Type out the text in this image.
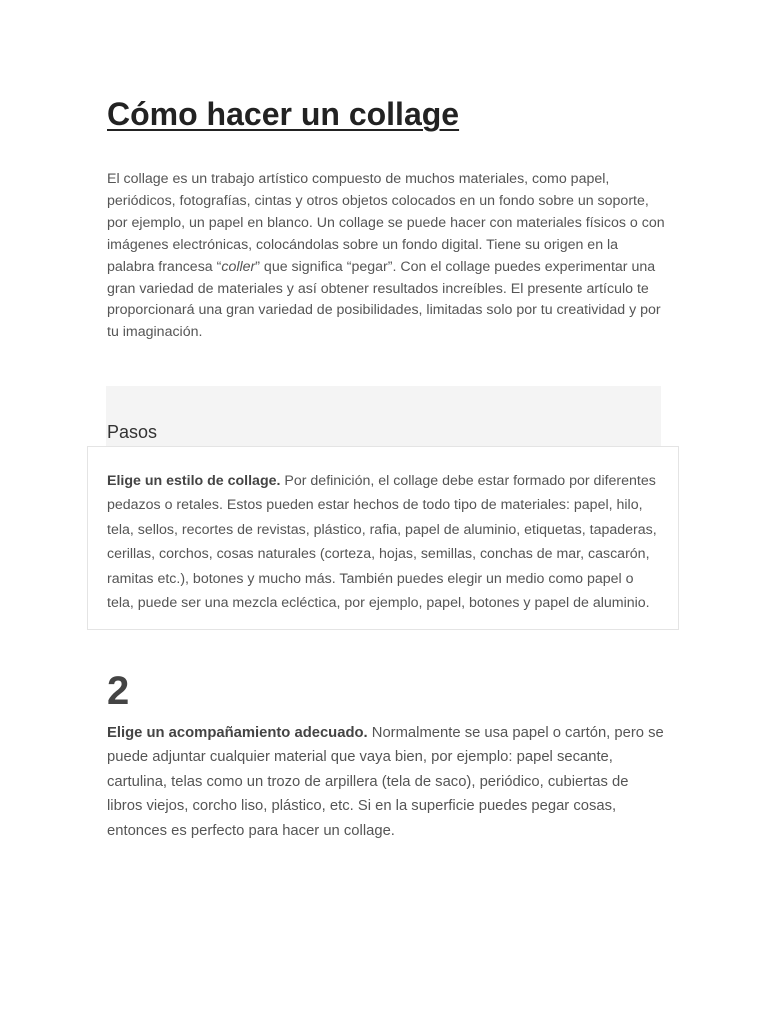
Cómo hacer un collage

El collage es un trabajo artístico compuesto de muchos materiales, como papel, periódicos, fotografías, cintas y otros objetos colocados en un fondo sobre un soporte, por ejemplo, un papel en blanco. Un collage se puede hacer con materiales físicos o con imágenes electrónicas, colocándolas sobre un fondo digital. Tiene su origen en la palabra francesa “coller” que significa “pegar”. Con el collage puedes experimentar una gran variedad de materiales y así obtener resultados increíbles. El presente artículo te proporcionará una gran variedad de posibilidades, limitadas solo por tu creatividad y por tu imaginación.

Pasos

Elige un estilo de collage. Por definición, el collage debe estar formado por diferentes pedazos o retales. Estos pueden estar hechos de todo tipo de materiales: papel, hilo, tela, sellos, recortes de revistas, plástico, rafia, papel de aluminio, etiquetas, tapaderas, cerillas, corchos, cosas naturales (corteza, hojas, semillas, conchas de mar, cascarón, ramitas etc.), botones y mucho más. También puedes elegir un medio como papel o tela, puede ser una mezcla ecléctica, por ejemplo, papel, botones y papel de aluminio.

2

Elige un acompañamiento adecuado. Normalmente se usa papel o cartón, pero se puede adjuntar cualquier material que vaya bien, por ejemplo: papel secante, cartulina, telas como un trozo de arpillera (tela de saco), periódico, cubiertas de libros viejos, corcho liso, plástico, etc. Si en la superficie puedes pegar cosas, entonces es perfecto para hacer un collage.
